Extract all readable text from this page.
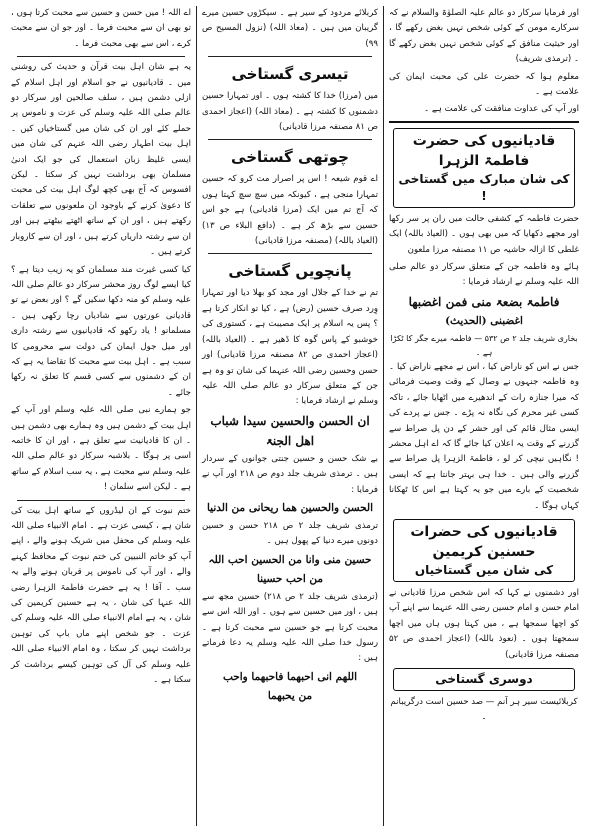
اور فرمایا سرکار دو عالم علیہ الصلوٰۃ والسلام نے کہ سرکارے مومن کے کوئی شخص نہیں بغض رکھے گا ، اور حیثیت منافق کے کوئی شخص نہیں بغض رکھے گا ۔ (ترمذی شریف)

معلوم ہوا کہ حضرت علی کی محبت ایمان کی علامت ہے ۔

اور آپ کی عداوت منافقت کی علامت ہے ۔

قادیانیوں کی حضرت فاطمۃ الزہرا
کی شان مبارک میں گستاخی !

حضرت فاطمہ کے کشفی حالت میں ران پر سر رکھا اور مجھے دکھایا کہ میں بھی ہوں ۔ (العیاذ باللہ) ایک غلطی کا ازالہ حاشیہ ص ۱۱ مصنفہ مرزا ملعون

ہائے وہ فاطمہ جن کے متعلق سرکار دو عالم صلی اللہ علیہ وسلم نے ارشاد فرمایا :

فاطمۃ بضعۃ منی فمن اغضبھا

اغضبنی (الحدیث)

بخاری شریف جلد ۲ ص ۵۳۲ — فاطمہ میرے جگر کا ٹکڑا ہے ۔

جس نے اس کو ناراض کیا ، اس نے مجھے ناراض کیا ۔ وہ فاطمہ جنہوں نے وصال کے وقت وصیت فرمائی کہ میرا جنازہ رات کے اندھیرے میں اٹھایا جائے ، تاکہ کسی غیر محرم کی نگاہ نہ پڑے ۔ جس نے پردے کی ایسی مثال قائم کی اور حشر کے دن پل صراط سے گزرنے کے وقت یہ اعلان کیا جائے گا کہ اے اہل محشر ! نگاہیں نیچی کر لو ، فاطمۃ الزہرا پل صراط سے گزرنے والی ہیں ۔ خدا ہی بہتر جانتا ہے کہ ایسی شخصیت کے بارے میں جو یہ کہتا ہے اس کا ٹھکانا کہاں ہوگا ۔

قادیانیوں کی حضرات حسنین کریمین
کی شان میں گستاخیاں

اور دشمنوں نے کہا کہ اس شخص مرزا قادیانی نے امام حسن و امام حسین رضی اللہ عنہما سے اپنے آپ کو اچھا سمجھا ہے ، میں کہتا ہوں ہاں میں اچھا سمجھتا ہوں ۔ (نعوذ باللہ) (اعجاز احمدی ص ۵۲ مصنفہ مرزا قادیانی)

دوسری گستاخی

کربلائیست سیر ہر آنم — صد حسین است درگریبانم ۔

کربلائے مردود کے سیر ہے ۔ سیکڑوں حسین میرے گریبان میں ہیں ۔ (معاذ اللہ) (نزول المسیح ص ۹۹)

تیسری گستاخی

میں (مرزا) خدا کا کشتہ ہوں ۔ اور تمہارا حسین دشمنوں کا کشتہ ہے ۔ (معاذ اللہ) (اعجاز احمدی ص ۸۱ مصنفہ مرزا قادیانی)

چوتھی گستاخی

اے قوم شیعہ ! اس پر اصرار مت کرو کہ حسین تمہارا منجی ہے ، کیونکہ میں سچ سچ کہتا ہوں کہ آج تم میں ایک (مرزا قادیانی) ہے جو اس حسین سے بڑھ کر ہے ۔ (دافع البلاء ص ۱۳) (العیاذ باللہ) (مصنفہ مرزا قادیانی)

پانچویں گستاخی

تم نے خدا کے جلال اور مجد کو بھلا دیا اور تمہارا وِرد صرف حسین (رض) ہے ، کیا تو انکار کرتا ہے ؟ پس یہ اسلام پر ایک مصیبت ہے ، کستوری کی خوشبو کے پاس گوہ کا ڈھیر ہے ۔ (العیاذ باللہ) (اعجاز احمدی ص ۸۲ مصنفہ مرزا قادیانی) اور حسن وحسین رضی اللہ عنہما کی شان تو وہ ہے جن کے متعلق سرکار دو عالم صلی اللہ علیہ وسلم نے ارشاد فرمایا :

ان الحسن والحسین سیدا شباب

اھل الجنۃ

بے شک حسن و حسین جنتی جوانوں کے سردار ہیں ۔ ترمذی شریف جلد دوم ص ۲۱۸ اور آپ نے فرمایا :

الحسن والحسین ھما ریحانی من الدنیا

ترمذی شریف جلد ۲ ص ۲۱۸ حسن و حسین دونوں میرے دنیا کے پھول ہیں ۔

حسین منی وانا من الحسین احب اللہ

من احب حسینا

(ترمذی شریف جلد ۲ ص ۲۱۸) حسین مجھ سے ہیں ، اور میں حسین سے ہوں ۔ اور اللہ اس سے محبت کرتا ہے جو حسین سے محبت کرتا ہے ۔ رسول خدا صلی اللہ علیہ وسلم یہ دعا فرماتے ہیں :

اللھم انی احبھما فاحبھما واحب

من یحبھما

اے اللہ ! میں حسن و حسین سے محبت کرتا ہوں ، تو بھی ان سے محبت فرما ۔ اور جو ان سے محبت کرے ، اس سے بھی محبت فرما ۔

یہ ہے شان اہل بیت قرآن و حدیث کی روشنی میں ۔ قادیانیوں نے جو اسلام اور اہل اسلام کے ازلی دشمن ہیں ، سلف صالحین اور سرکار دو عالم صلی اللہ علیہ وسلم کی عزت و ناموس پر حملے کئے اور ان کی شان میں گستاخیاں کیں ۔ اہل بیت اطہار رضی اللہ عنہم کی شان میں ایسی غلیظ زبان استعمال کی جو ایک ادنیٰ مسلمان بھی برداشت نہیں کر سکتا ۔ لیکن افسوس کہ آج بھی کچھ لوگ اہل بیت کی محبت کا دعویٰ کرنے کے باوجود ان ملعونوں سے تعلقات رکھتے ہیں ، اور ان کے ساتھ اٹھتے بیٹھتے ہیں اور ان سے رشتہ داریاں کرتے ہیں ، اور ان سے کاروبار کرتے ہیں ۔

کیا کسی غیرت مند مسلمان کو یہ زیب دیتا ہے ؟ کیا ایسے لوگ روز محشر سرکار دو عالم صلی اللہ علیہ وسلم کو منہ دکھا سکیں گے ؟ اور بعض نے تو قادیانی عورتوں سے شادیاں رچا رکھی ہیں ۔ مسلمانو ! یاد رکھو کہ قادیانیوں سے رشتہ داری اور میل جول ایمان کی دولت سے محرومی کا سبب ہے ۔ اہل بیت سے محبت کا تقاضا یہ ہے کہ ان کے دشمنوں سے کسی قسم کا تعلق نہ رکھا جائے ۔

جو ہمارے نبی صلی اللہ علیہ وسلم اور آپ کے اہل بیت کے دشمن ہیں وہ ہمارے بھی دشمن ہیں ۔ ان کا قادیانیت سے تعلق ہے ، اور ان کا خاتمہ اسی پر ہوگا ۔ بلاشبہ سرکار دو عالم صلی اللہ علیہ وسلم سے محبت ہے ، یہ سب اسلام کے ساتھ ہے ۔ لیکن اسے سلمان !

ختم نبوت کے ان لیڈروں کے ساتھ اہل بیت کی شان ہے ، کیسی عزت ہے ۔ امام الانبیاء صلی اللہ علیہ وسلم کی محفل میں شریک ہونے والے ، اپنے آپ کو خاتم النبیین کی ختم نبوت کے محافظ کہنے والے ، اور آپ کی ناموس پر قربان ہونے والے یہ سب ۔ آقا ! یہ ہے حضرت فاطمۃ الزہرا رضی اللہ عنہا کی شان ، یہ ہے حسنین کریمین کی شان ، یہ ہے امام الانبیاء صلی اللہ علیہ وسلم کی عزت ۔ جو شخص اپنے ماں باپ کی توہین برداشت نہیں کر سکتا ، وہ امام الانبیاء صلی اللہ علیہ وسلم کی آل کی توہین کیسے برداشت کر سکتا ہے ۔
